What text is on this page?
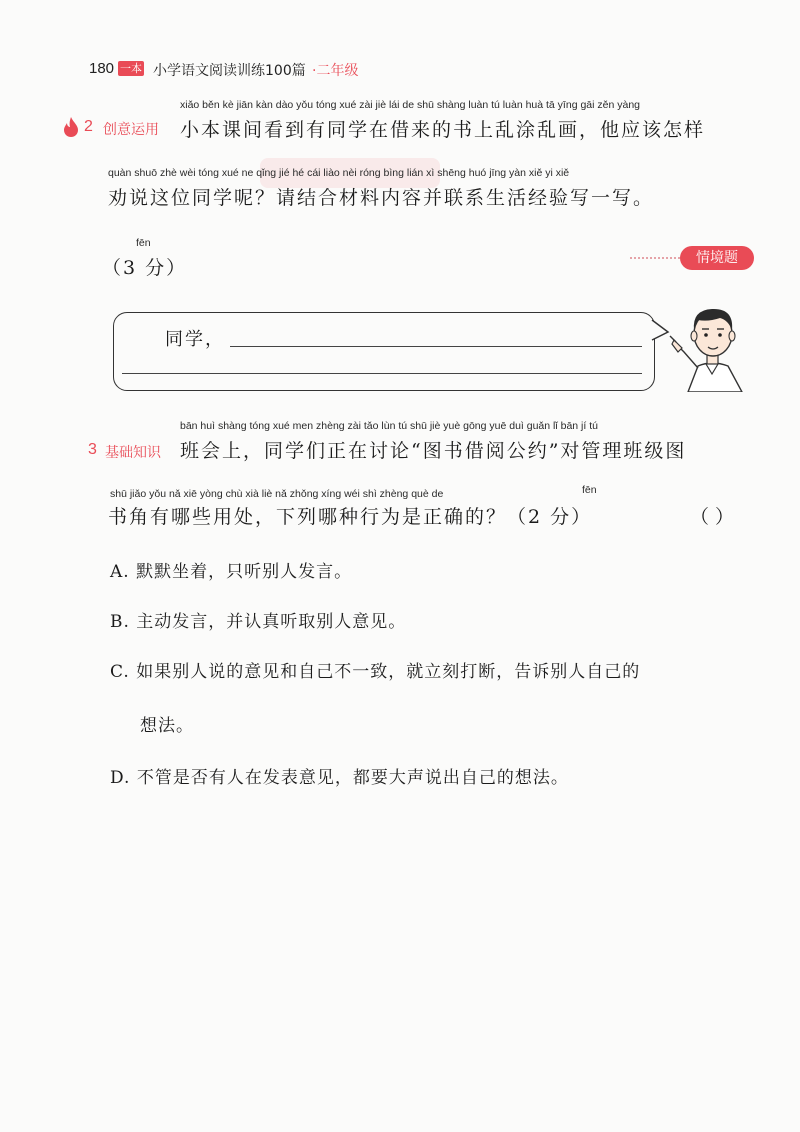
180 一本 小学语文阅读训练100篇 ·二年级
2 创意运用
xiǎo běn kè jiān kàn dào yǒu tóng xué zài jiè lái de shū shàng luàn tú luàn huà tā yīng gāi zěn yàng
小本课间看到有同学在借来的书上乱涂乱画，他应该怎样
quàn shuō zhè wèi tóng xué ne qǐng jié hé cái liào nèi róng bìng lián xì shēng huó jīng yàn xiě yi xiě
劝说这位同学呢？请结合材料内容并联系生活经验写一写。
fēn
（3 分）	情境题
同学，
3 基础知识
bān huì shàng tóng xué men zhèng zài tǎo lùn tú shū jiè yuè gōng yuē duì guǎn lǐ bān jí tú
班会上，同学们正在讨论“图书借阅公约”对管理班级图
shū jiǎo yǒu nǎ xiē yòng chù xià liè nǎ zhǒng xíng wéi shì zhèng què de	fēn
书角有哪些用处，下列哪种行为是正确的？（2 分）	（ ）
A. 默默坐着，只听别人发言。
B. 主动发言，并认真听取别人意见。
C. 如果别人说的意见和自己不一致，就立刻打断，告诉别人自己的
想法。
D. 不管是否有人在发表意见，都要大声说出自己的想法。
